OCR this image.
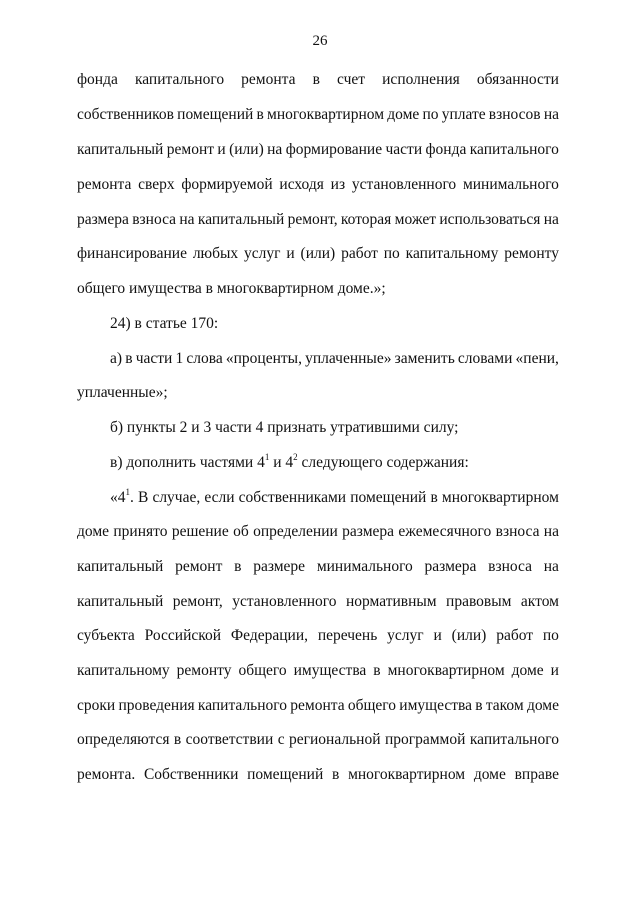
26
фонда капитального ремонта в счет исполнения обязанности
собственников помещений в многоквартирном доме по уплате взносов на
капитальный ремонт и (или) на формирование части фонда капитального
ремонта сверх формируемой исходя из установленного минимального
размера взноса на капитальный ремонт, которая может использоваться на
финансирование любых услуг и (или) работ по капитальному ремонту
общего имущества в многоквартирном доме.»;
24) в статье 170:
а) в части 1 слова «проценты, уплаченные» заменить словами «пени,
уплаченные»;
б) пункты 2 и 3 части 4 признать утратившими силу;
в) дополнить частями $4^1$ и $4^2$ следующего содержания:
«$4^1$. В случае, если собственниками помещений в многоквартирном
доме принято решение об определении размера ежемесячного взноса на
капитальный ремонт в размере минимального размера взноса на
капитальный ремонт, установленного нормативным правовым актом
субъекта Российской Федерации, перечень услуг и (или) работ по
капитальному ремонту общего имущества в многоквартирном доме и
сроки проведения капитального ремонта общего имущества в таком доме
определяются в соответствии с региональной программой капитального
ремонта. Собственники помещений в многоквартирном доме вправе
